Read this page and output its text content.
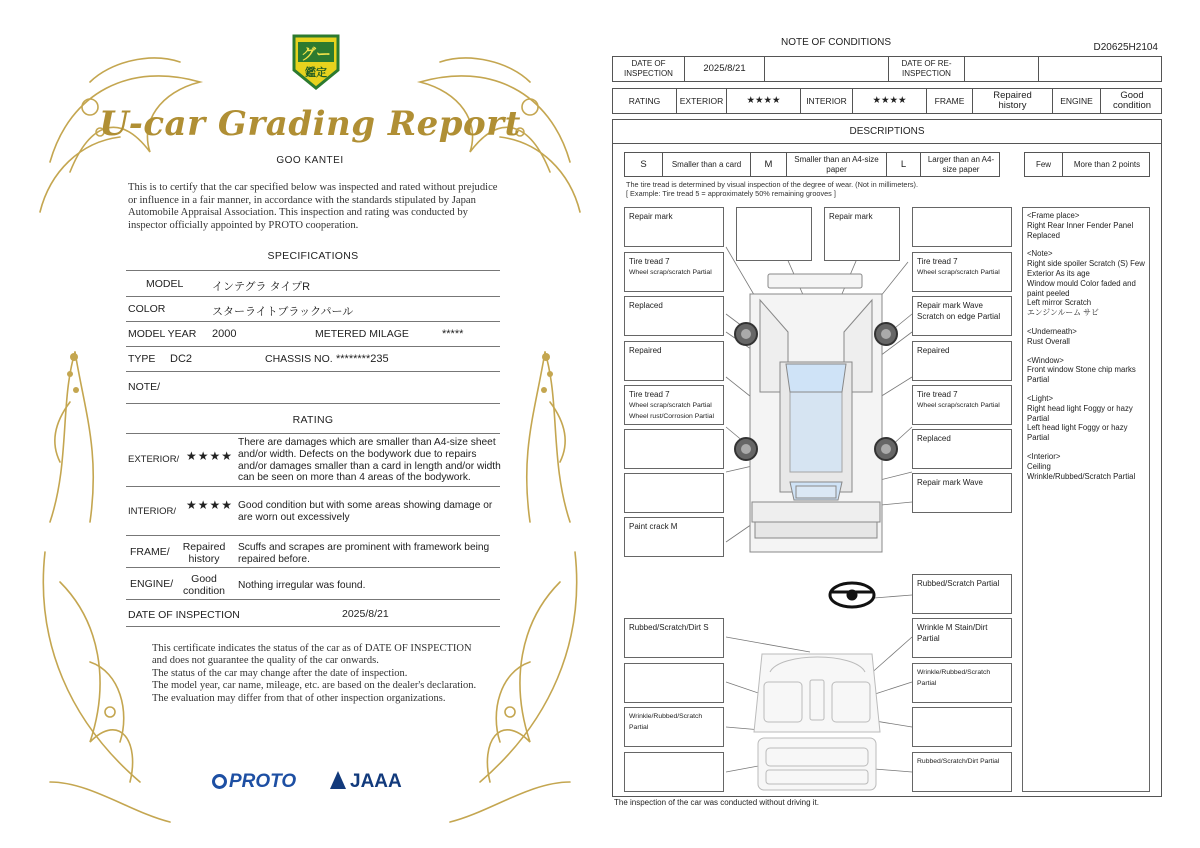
グー
鑑定
U-car Grading Report
GOO KANTEI
This is to certify that the car specified below was inspected and rated without prejudice or influence in a fair manner, in accordance with the standards stipulated by Japan Automobile Appraisal Association. This inspection and rating was conducted by inspector officially appointed by PROTO cooperation.
SPECIFICATIONS
MODEL	インテグラ タイプR
COLOR	スターライトブラックパール
MODEL YEAR 2000	METERED MILAGE	*****
TYPE DC2	CHASSIS NO. ********235
NOTE/
RATING
EXTERIOR/ ★★★★
There are damages which are smaller than A4-size sheet and/or width. Defects on the bodywork due to repairs and/or damages smaller than a card in length and/or width can be seen on more than 4 areas of the bodywork.
INTERIOR/ ★★★★ Good condition but with some areas showing damage or are worn out excessively
FRAME/	Repaired history
Scuffs and scrapes are prominent with framework being repaired before.
ENGINE/	Good condition	Nothing irregular was found.
DATE OF INSPECTION	2025/8/21
This certificate indicates the status of the car as of DATE OF INSPECTION and does not guarantee the quality of the car onwards.
The status of the car may change after the date of inspection.
The model year, car name, mileage, etc. are based on the dealer's declaration.
The evaluation may differ from that of other inspection organizations.
PROTO	JAAA
NOTE OF CONDITIONS	D20625H2104
DATE OF INSPECTION	2025/8/21	DATE OF RE-INSPECTION
RATING	EXTERIOR	★★★★	INTERIOR	★★★★	FRAME	Repaired history	ENGINE	Good condition
DESCRIPTIONS
S	Smaller than a card	M	Smaller than an A4-size paper	L	Larger than an A4-size paper
Few	More than 2 points
The tire tread is determined by visual inspection of the degree of wear. (Not in millimeters).
[ Example: Tire tread 5 = approximately 50% remaining grooves ]
Repair mark	Repair mark
Tire tread 7
Wheel scrap/scratch Partial
Tire tread 7
Wheel scrap/scratch Partial
Replaced	Repair mark Wave Scratch on edge Partial
Repaired	Repaired
Tire tread 7
Wheel scrap/scratch Partial
Wheel rust/Corrosion Partial
Tire tread 7
Wheel scrap/scratch Partial
Replaced
Repair mark Wave
Paint crack M
Rubbed/Scratch Partial
Rubbed/Scratch/Dirt S	Wrinkle M Stain/Dirt Partial
Wrinkle/Rubbed/Scratch Partial
Wrinkle/Rubbed/Scratch Partial
Rubbed/Scratch/Dirt Partial
<Frame place>
Right Rear Inner Fender Panel Replaced
<Note>
Right side spoiler Scratch (S) Few
Exterior As its age
Window mould Color faded and paint peeled
Left mirror Scratch
エンジンルーム サビ
<Underneath>
Rust Overall
<Window>
Front window Stone chip marks Partial
<Light>
Right head light Foggy or hazy Partial
Left head light Foggy or hazy Partial
<Interior>
Ceiling
Wrinkle/Rubbed/Scratch Partial
The inspection of the car was conducted without driving it.
